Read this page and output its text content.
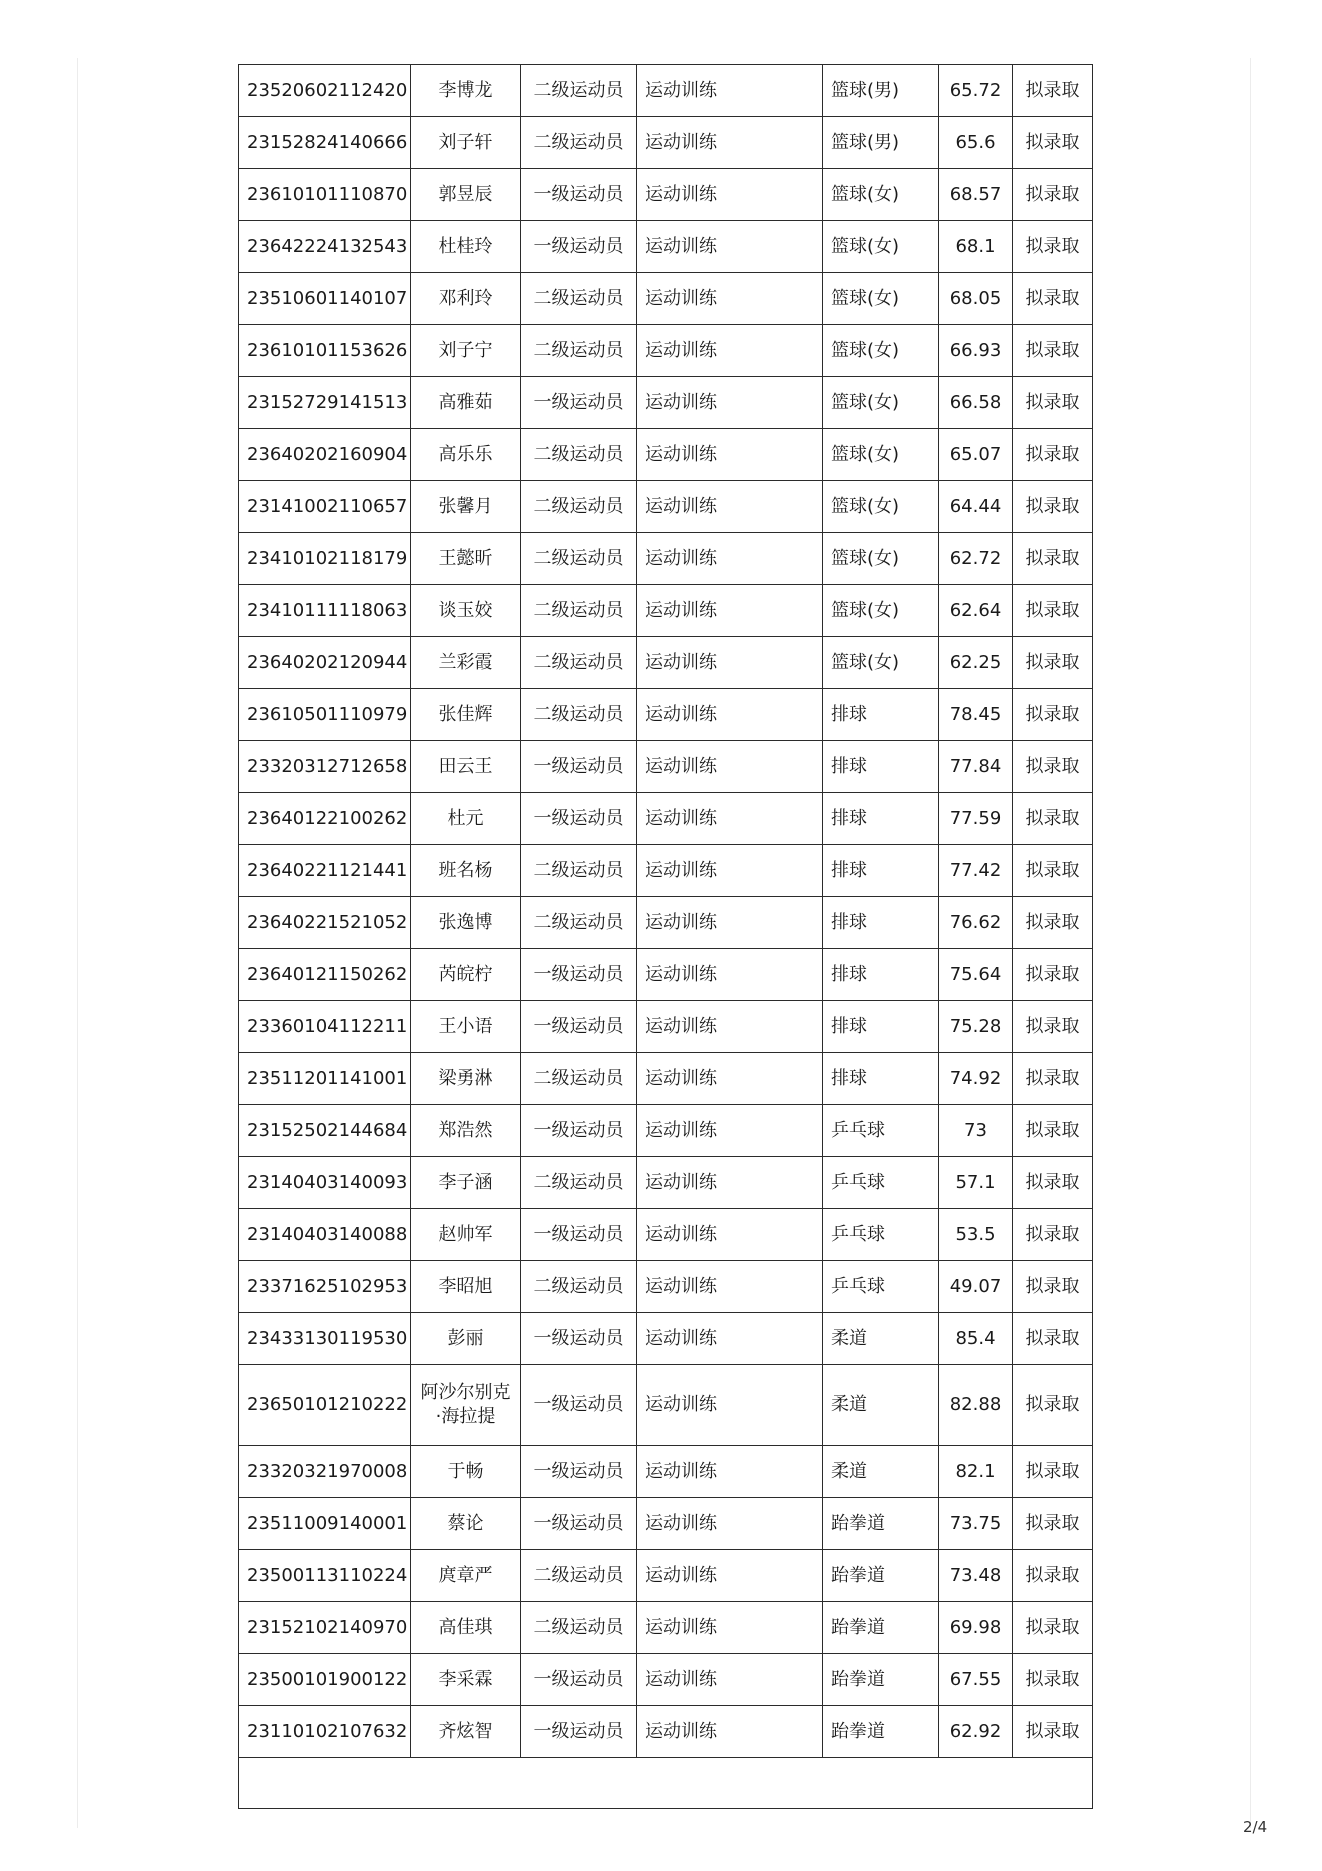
23520602112420	李博龙	二级运动员	运动训练	篮球(男)	65.72	拟录取
23152824140666	刘子轩	二级运动员	运动训练	篮球(男)	65.6	拟录取
23610101110870	郭昱辰	一级运动员	运动训练	篮球(女)	68.57	拟录取
23642224132543	杜桂玲	一级运动员	运动训练	篮球(女)	68.1	拟录取
23510601140107	邓利玲	二级运动员	运动训练	篮球(女)	68.05	拟录取
23610101153626	刘子宁	二级运动员	运动训练	篮球(女)	66.93	拟录取
23152729141513	高雅茹	一级运动员	运动训练	篮球(女)	66.58	拟录取
23640202160904	高乐乐	二级运动员	运动训练	篮球(女)	65.07	拟录取
23141002110657	张馨月	二级运动员	运动训练	篮球(女)	64.44	拟录取
23410102118179	王懿昕	二级运动员	运动训练	篮球(女)	62.72	拟录取
23410111118063	谈玉姣	二级运动员	运动训练	篮球(女)	62.64	拟录取
23640202120944	兰彩霞	二级运动员	运动训练	篮球(女)	62.25	拟录取
23610501110979	张佳辉	二级运动员	运动训练	排球	78.45	拟录取
23320312712658	田云王	一级运动员	运动训练	排球	77.84	拟录取
23640122100262	杜元	一级运动员	运动训练	排球	77.59	拟录取
23640221121441	班名杨	二级运动员	运动训练	排球	77.42	拟录取
23640221521052	张逸博	二级运动员	运动训练	排球	76.62	拟录取
23640121150262	芮皖柠	一级运动员	运动训练	排球	75.64	拟录取
23360104112211	王小语	一级运动员	运动训练	排球	75.28	拟录取
23511201141001	梁勇淋	二级运动员	运动训练	排球	74.92	拟录取
23152502144684	郑浩然	一级运动员	运动训练	乒乓球	73	拟录取
23140403140093	李子涵	二级运动员	运动训练	乒乓球	57.1	拟录取
23140403140088	赵帅军	一级运动员	运动训练	乒乓球	53.5	拟录取
23371625102953	李昭旭	二级运动员	运动训练	乒乓球	49.07	拟录取
23433130119530	彭丽	一级运动员	运动训练	柔道	85.4	拟录取
23650101210222	阿沙尔别克·海拉提	一级运动员	运动训练	柔道	82.88	拟录取
23320321970008	于畅	一级运动员	运动训练	柔道	82.1	拟录取
23511009140001	蔡论	一级运动员	运动训练	跆拳道	73.75	拟录取
23500113110224	庹章严	二级运动员	运动训练	跆拳道	73.48	拟录取
23152102140970	高佳琪	二级运动员	运动训练	跆拳道	69.98	拟录取
23500101900122	李采霖	一级运动员	运动训练	跆拳道	67.55	拟录取
23110102107632	齐炫智	一级运动员	运动训练	跆拳道	62.92	拟录取

2/4
